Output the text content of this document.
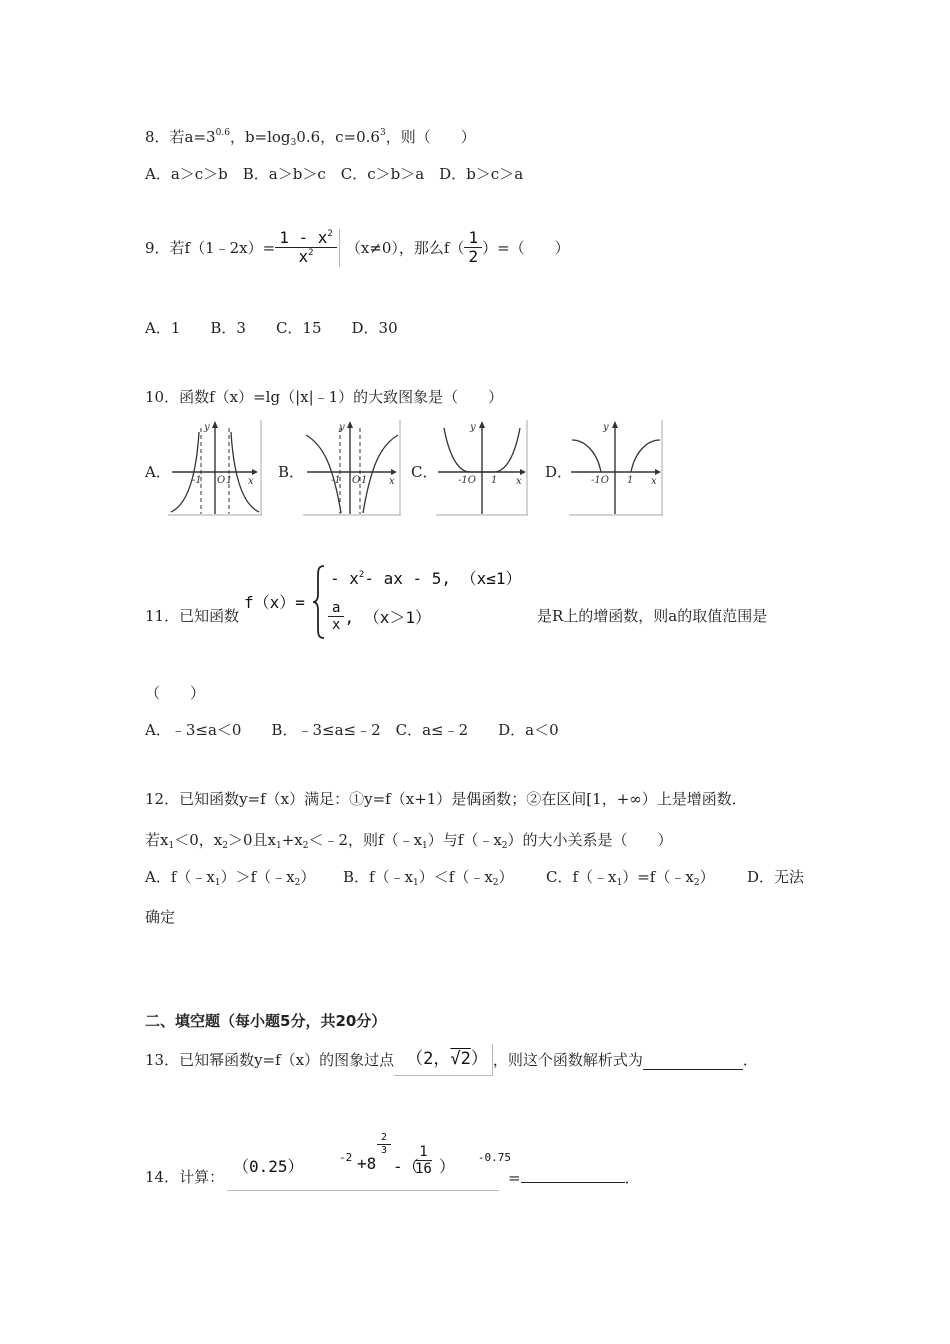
8．若$a=3^{0.6}$，$b=\log_30.6$，$c=0.6^3$，则（　　）
A．a＞c＞b　B．a＞b＞c　C．c＞b＞a　D．b＞c＞a
9．若f（1﹣2x）= $\frac{1 - x^2}{x^2} (x\ne 0)$，那么$f( \frac{1}{2}$ ）=（　　）
A．1　　B．3　　C．15　　D．30
10．函数f（x）=lg（|x|﹣1）的大致图象是（　　）
A．
y
x
-1 O 1	B．
y
x
-1 O 1	C．
y
x
-1O 1	D．
y
x
-1O 1
11．已知函数
f（x）=
- $x^2-$ ax - 5, （x≤1）
$\frac{a}{x}$ , （x＞1）	是R上的增函数，则a的取值范围是
（　　）
A．﹣3≤a＜0　　B．﹣3≤a≤﹣2　C．a≤﹣2　　D．a＜0
12．已知函数y=f（x）满足：①y=f（x+1）是偶函数；②在区间[1，+∞）上是增函数．
若$x_1<0$，$x_2>0$且$x_1+x_2<﹣2$，则$f(﹣x_1)$与$f(﹣x_2)$的大小关系是（　　）
A．$f(﹣x_1)>f(﹣x_2)$ B．$f(﹣x_1)<f(﹣x_2)$ C．$f(﹣x_1)=f(﹣x_2)$ D．无法
确定
二、填空题（每小题5分，共20分）
13．已知幂函数y=f（x）的图象过点 （2，√2） ，则这个函数解析式为	．
14．计算：
（0.25）	$_{-2}$ +8
$\frac{2}{3}$
-（
$\frac{1}{16}$ ） $_{-0.75}$
=	．
